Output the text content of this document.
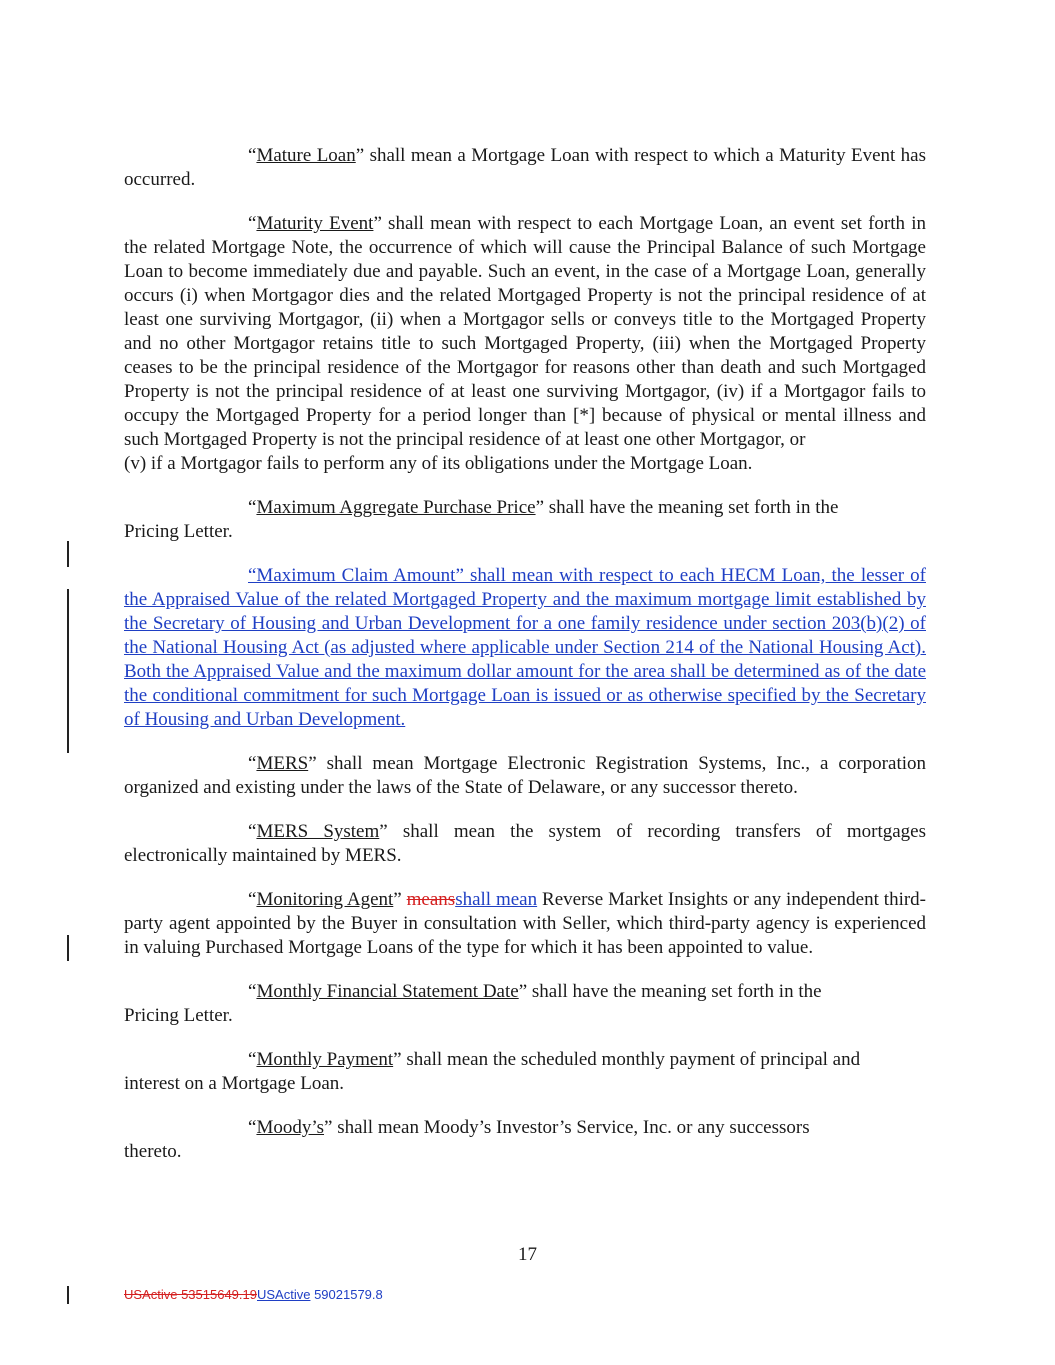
“Mature Loan” shall mean a Mortgage Loan with respect to which a Maturity Event has occurred.

“Maturity Event” shall mean with respect to each Mortgage Loan, an event set forth in the related Mortgage Note, the occurrence of which will cause the Principal Balance of such Mortgage Loan to become immediately due and payable. Such an event, in the case of a Mortgage Loan, generally occurs (i) when Mortgagor dies and the related Mortgaged Property is not the principal residence of at least one surviving Mortgagor, (ii) when a Mortgagor sells or conveys title to the Mortgaged Property and no other Mortgagor retains title to such Mortgaged Property, (iii) when the Mortgaged Property ceases to be the principal residence of the Mortgagor for reasons other than death and such Mortgaged Property is not the principal residence of at least one surviving Mortgagor, (iv) if a Mortgagor fails to occupy the Mortgaged Property for a period longer than [*] because of physical or mental illness and such Mortgaged Property is not the principal residence of at least one other Mortgagor, or
(v) if a Mortgagor fails to perform any of its obligations under the Mortgage Loan.

“Maximum Aggregate Purchase Price” shall have the meaning set forth in the
Pricing Letter.

“Maximum Claim Amount” shall mean with respect to each HECM Loan, the lesser of the Appraised Value of the related Mortgaged Property and the maximum mortgage limit established by the Secretary of Housing and Urban Development for a one family residence under section 203(b)(2) of the National Housing Act (as adjusted where applicable under Section 214 of the National Housing Act). Both the Appraised Value and the maximum dollar amount for the area shall be determined as of the date the conditional commitment for such Mortgage Loan is issued or as otherwise specified by the Secretary of Housing and Urban Development.

“MERS” shall mean Mortgage Electronic Registration Systems, Inc., a corporation organized and existing under the laws of the State of Delaware, or any successor thereto.

“MERS System” shall mean the system of recording transfers of mortgages electronically maintained by MERS.

“Monitoring Agent” meansshall mean Reverse Market Insights or any independent third-party agent appointed by the Buyer in consultation with Seller, which third-party agency is experienced in valuing Purchased Mortgage Loans of the type for which it has been appointed to value.

“Monthly Financial Statement Date” shall have the meaning set forth in the
Pricing Letter.

“Monthly Payment” shall mean the scheduled monthly payment of principal and
interest on a Mortgage Loan.

“Moody’s” shall mean Moody’s Investor’s Service, Inc. or any successors
thereto.

17
USActive 53515649.19USActive 59021579.8
